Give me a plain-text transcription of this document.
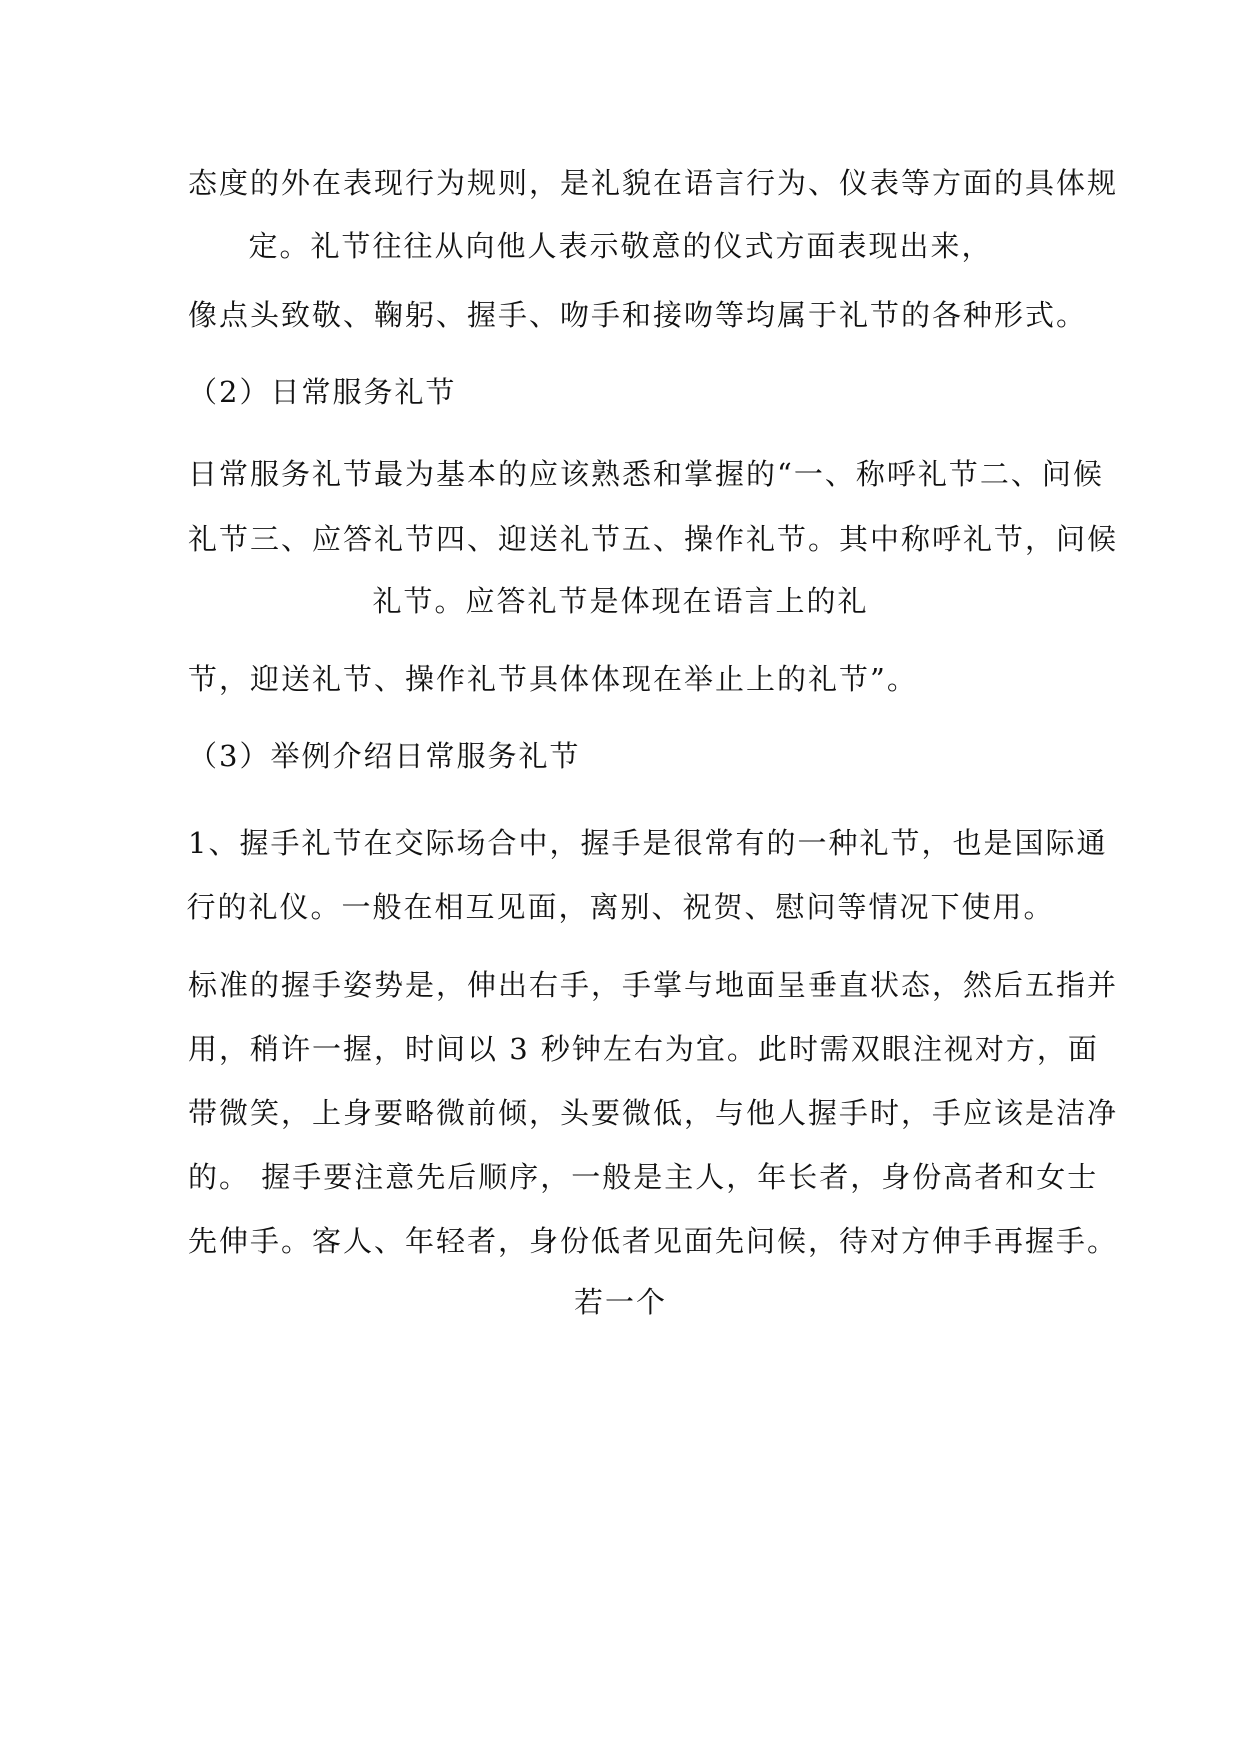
态度的外在表现行为规则，是礼貌在语言行为、仪表等方面的具体规
定。礼节往往从向他人表示敬意的仪式方面表现出来，
像点头致敬、鞠躬、握手、吻手和接吻等均属于礼节的各种形式。
（2）日常服务礼节
日常服务礼节最为基本的应该熟悉和掌握的“一、称呼礼节二、问候
礼节三、应答礼节四、迎送礼节五、操作礼节。其中称呼礼节，问候
礼节。应答礼节是体现在语言上的礼
节，迎送礼节、操作礼节具体体现在举止上的礼节”。
（3）举例介绍日常服务礼节
1、握手礼节在交际场合中，握手是很常有的一种礼节，也是国际通
行的礼仪。一般在相互见面，离别、祝贺、慰问等情况下使用。
标准的握手姿势是，伸出右手，手掌与地面呈垂直状态，然后五指并
用，稍许一握，时间以 3 秒钟左右为宜。此时需双眼注视对方，面
带微笑，上身要略微前倾，头要微低，与他人握手时，手应该是洁净
的。 握手要注意先后顺序，一般是主人，年长者，身份高者和女士
先伸手。客人、年轻者，身份低者见面先问候，待对方伸手再握手。
若一个
